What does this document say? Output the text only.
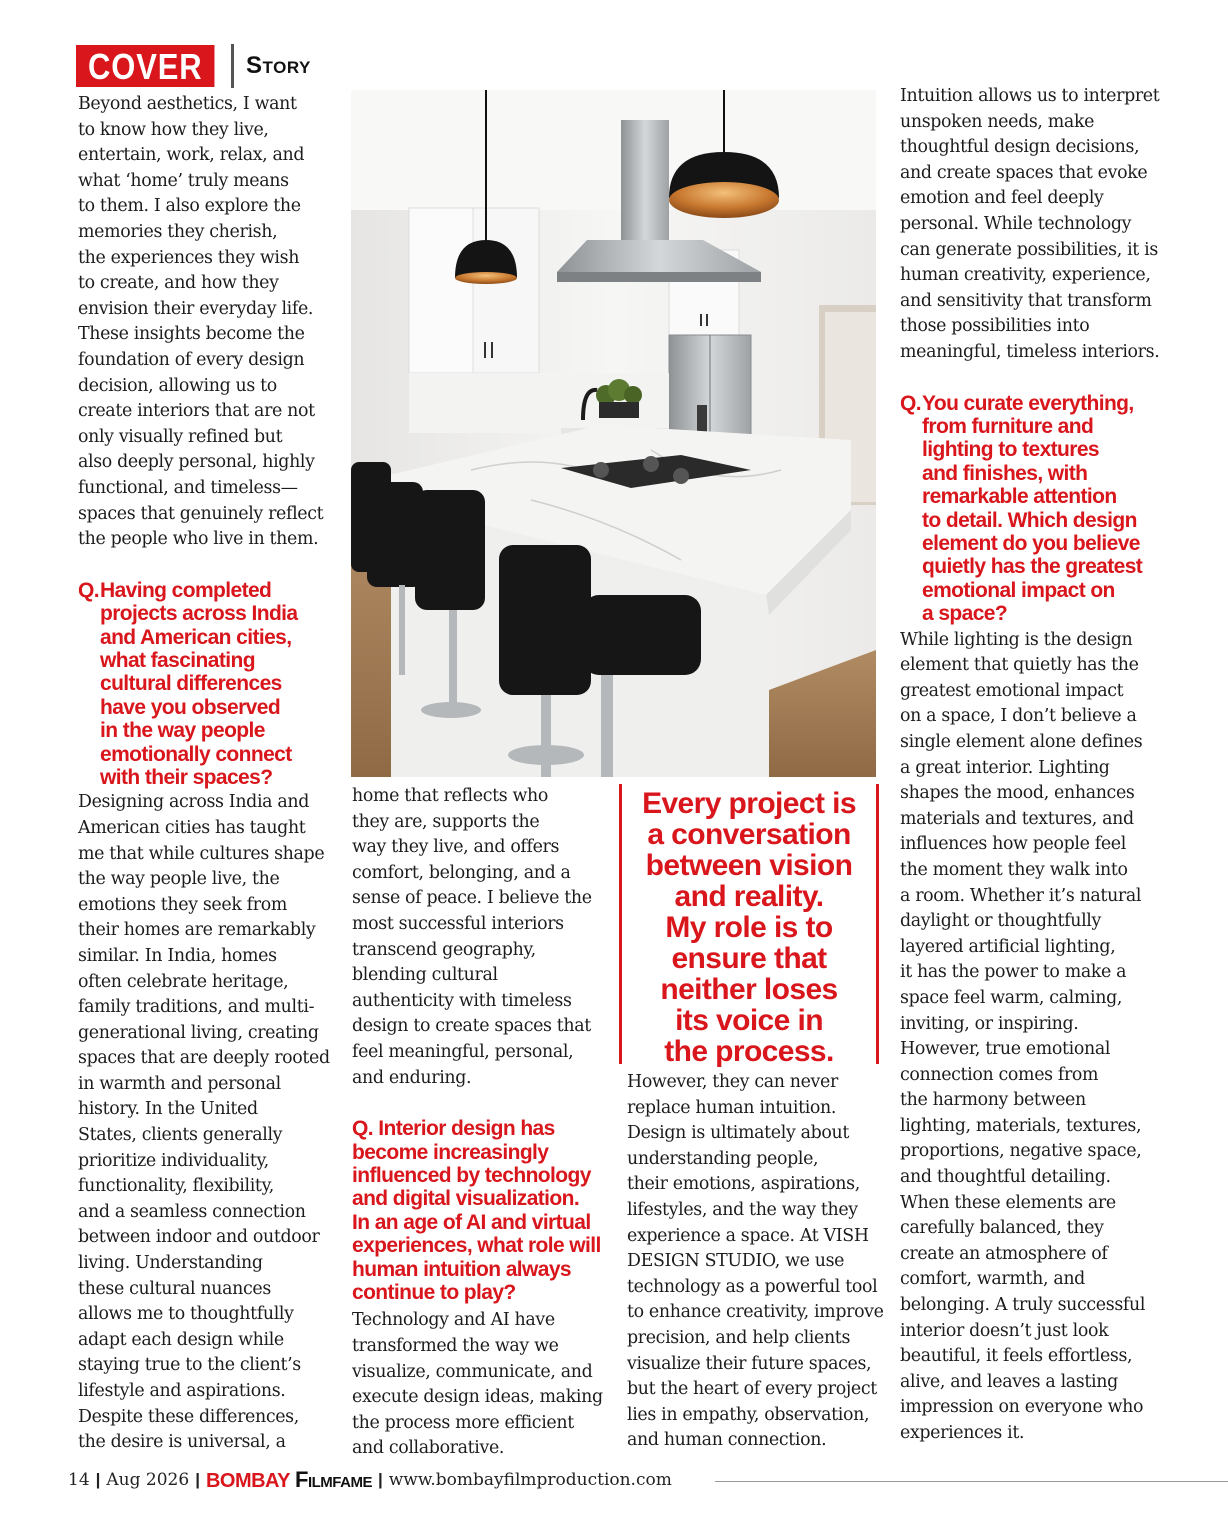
COVER	Story

Beyond aesthetics, I want
to know how they live,
entertain, work, relax, and
what ‘home’ truly means
to them. I also explore the
memories they cherish,
the experiences they wish
to create, and how they
envision their everyday life.
These insights become the
foundation of every design
decision, allowing us to
create interiors that are not
only visually refined but
also deeply personal, highly
functional, and timeless—
spaces that genuinely reflect
the people who live in them.

Q. Having completed
projects across India
and American cities,
what fascinating
cultural differences
have you observed
in the way people
emotionally connect
with their spaces?

Designing across India and
American cities has taught
me that while cultures shape
the way people live, the
emotions they seek from
their homes are remarkably
similar. In India, homes
often celebrate heritage,
family traditions, and multi-
generational living, creating
spaces that are deeply rooted
in warmth and personal
history. In the United
States, clients generally
prioritize individuality,
functionality, flexibility,
and a seamless connection
between indoor and outdoor
living. Understanding
these cultural nuances
allows me to thoughtfully
adapt each design while
staying true to the client’s
lifestyle and aspirations.
Despite these differences,
the desire is universal, a

home that reflects who
they are, supports the
way they live, and offers
comfort, belonging, and a
sense of peace. I believe the
most successful interiors
transcend geography,
blending cultural
authenticity with timeless
design to create spaces that
feel meaningful, personal,
and enduring.

Q. Interior design has
become increasingly
influenced by technology
and digital visualization.
In an age of AI and virtual
experiences, what role will
human intuition always
continue to play?

Technology and AI have
transformed the way we
visualize, communicate, and
execute design ideas, making
the process more efficient
and collaborative.

Every project is
a conversation
between vision
and reality.
My role is to
ensure that
neither loses
its voice in
the process.

However, they can never
replace human intuition.
Design is ultimately about
understanding people,
their emotions, aspirations,
lifestyles, and the way they
experience a space. At VISH
DESIGN STUDIO, we use
technology as a powerful tool
to enhance creativity, improve
precision, and help clients
visualize their future spaces,
but the heart of every project
lies in empathy, observation,
and human connection.

Intuition allows us to interpret
unspoken needs, make
thoughtful design decisions,
and create spaces that evoke
emotion and feel deeply
personal. While technology
can generate possibilities, it is
human creativity, experience,
and sensitivity that transform
those possibilities into
meaningful, timeless interiors.

Q. You curate everything,
from furniture and
lighting to textures
and finishes, with
remarkable attention
to detail. Which design
element do you believe
quietly has the greatest
emotional impact on
a space?

While lighting is the design
element that quietly has the
greatest emotional impact
on a space, I don’t believe a
single element alone defines
a great interior. Lighting
shapes the mood, enhances
materials and textures, and
influences how people feel
the moment they walk into
a room. Whether it’s natural
daylight or thoughtfully
layered artificial lighting,
it has the power to make a
space feel warm, calming,
inviting, or inspiring.
However, true emotional
connection comes from
the harmony between
lighting, materials, textures,
proportions, negative space,
and thoughtful detailing.
When these elements are
carefully balanced, they
create an atmosphere of
comfort, warmth, and
belonging. A truly successful
interior doesn’t just look
beautiful, it feels effortless,
alive, and leaves a lasting
impression on everyone who
experiences it.

14 | Aug 2026 | BOMBAY Filmfame | www.bombayfilmproduction.com
